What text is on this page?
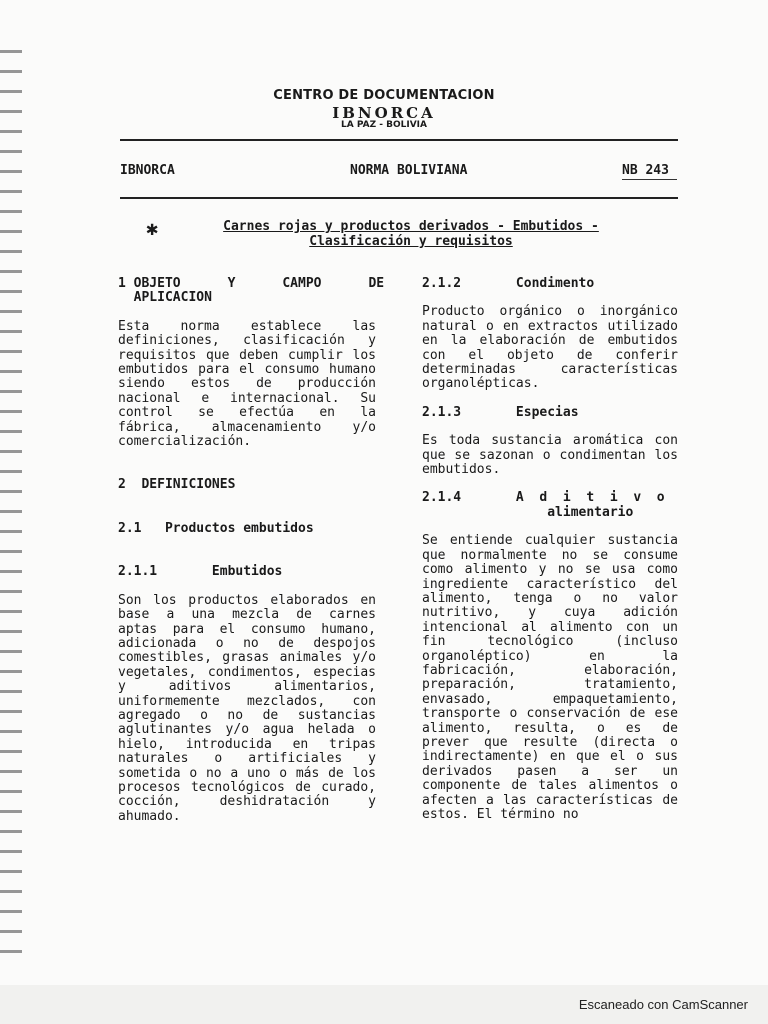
CENTRO DE DOCUMENTACION
IBNORCA
LA PAZ - BOLIVIA
IBNORCA	NORMA BOLIVIANA	NB 243
✱	Carnes rojas y productos derivados - Embutidos -
Clasificación y requisitos
1 OBJETO      Y      CAMPO      DE
APLICACION
Esta norma establece las definiciones, clasificación y requisitos que deben cumplir los embutidos para el consumo humano siendo estos de producción nacional e internacional. Su control se efectúa en la fábrica, almacenamiento y/o comercialización.
2  DEFINICIONES
2.1   Productos embutidos
2.1.1       Embutidos
Son los productos elaborados en base a una mezcla de carnes aptas para el consumo humano, adicionada o no de despojos comestibles, grasas animales y/o vegetales, condimentos, especias y aditivos alimentarios, uniformemente mezclados, con agregado o no de sustancias aglutinantes y/o agua helada o hielo, introducida en tripas naturales o artificiales y sometida o no a uno o más de los procesos tecnológicos de curado, cocción, deshidratación y ahumado.
2.1.2       Condimento
Producto orgánico o inorgánico natural o en extractos utilizado en la elaboración de embutidos con el objeto de conferir determinadas características organolépticas.
2.1.3       Especias
Es toda sustancia aromática con que se sazonan o condimentan los embutidos.
2.1.4       A  d  i  t  i  v  o
alimentario
Se entiende cualquier sustancia que normalmente no se consume como alimento y no se usa como ingrediente característico del alimento, tenga o no valor nutritivo, y cuya adición intencional al alimento con un fin tecnológico (incluso organoléptico) en la fabricación, elaboración, preparación, tratamiento, envasado, empaquetamiento, transporte o conservación de ese alimento, resulta, o es de prever que resulte (directa o indirectamente) en que el o sus derivados pasen a ser un componente de tales alimentos o afecten a las características de estos. El término no
Escaneado con CamScanner
